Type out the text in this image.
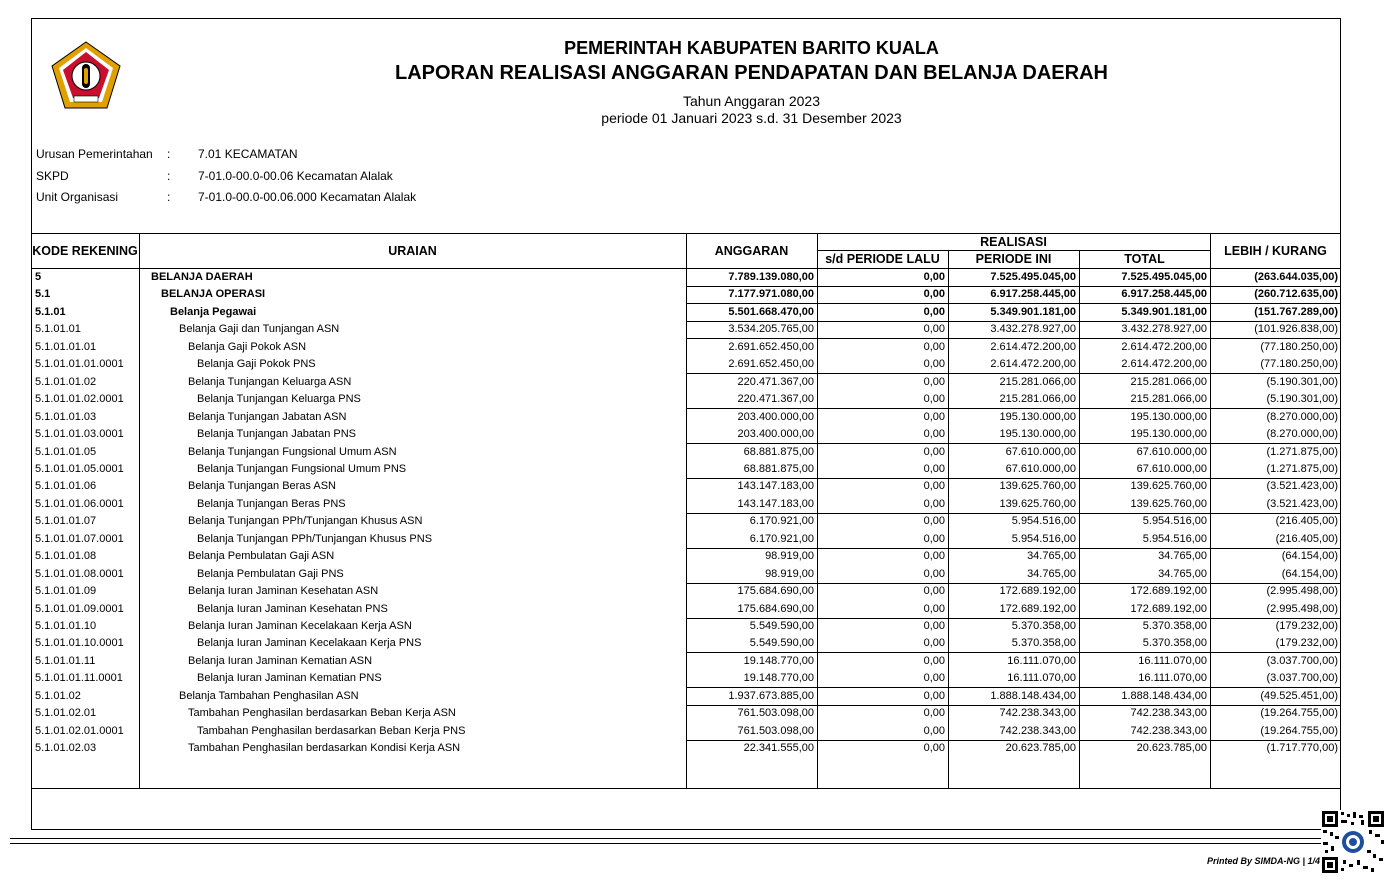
PEMERINTAH KABUPATEN BARITO KUALA
LAPORAN REALISASI ANGGARAN PENDAPATAN DAN BELANJA DAERAH
Tahun Anggaran 2023
periode 01 Januari 2023 s.d. 31 Desember 2023
Urusan Pemerintahan : 7.01 KECAMATAN
SKPD	: 7-01.0-00.0-00.06 Kecamatan Alalak
Unit Organisasi	: 7-01.0-00.0-00.06.000 Kecamatan Alalak
KODE REKENING	URAIAN	ANGGARAN
REALISASI
s/d PERIODE LALU	PERIODE INI	TOTAL
LEBIH / KURANG
5	BELANJA DAERAH	7.789.139.080,00	0,00	7.525.495.045,00	7.525.495.045,00	(263.644.035,00)
5.1	BELANJA OPERASI	7.177.971.080,00	0,00	6.917.258.445,00	6.917.258.445,00	(260.712.635,00)
5.1.01	Belanja Pegawai	5.501.668.470,00	0,00	5.349.901.181,00	5.349.901.181,00	(151.767.289,00)
5.1.01.01	Belanja Gaji dan Tunjangan ASN	3.534.205.765,00	0,00	3.432.278.927,00	3.432.278.927,00	(101.926.838,00)
5.1.01.01.01	Belanja Gaji Pokok ASN	2.691.652.450,00	0,00	2.614.472.200,00	2.614.472.200,00	(77.180.250,00)
5.1.01.01.01.0001	Belanja Gaji Pokok PNS	2.691.652.450,00	0,00	2.614.472.200,00	2.614.472.200,00	(77.180.250,00)
5.1.01.01.02	Belanja Tunjangan Keluarga ASN	220.471.367,00	0,00	215.281.066,00	215.281.066,00	(5.190.301,00)
5.1.01.01.02.0001	Belanja Tunjangan Keluarga PNS	220.471.367,00	0,00	215.281.066,00	215.281.066,00	(5.190.301,00)
5.1.01.01.03	Belanja Tunjangan Jabatan ASN	203.400.000,00	0,00	195.130.000,00	195.130.000,00	(8.270.000,00)
5.1.01.01.03.0001	Belanja Tunjangan Jabatan PNS	203.400.000,00	0,00	195.130.000,00	195.130.000,00	(8.270.000,00)
5.1.01.01.05	Belanja Tunjangan Fungsional Umum ASN	68.881.875,00	0,00	67.610.000,00	67.610.000,00	(1.271.875,00)
5.1.01.01.05.0001	Belanja Tunjangan Fungsional Umum PNS	68.881.875,00	0,00	67.610.000,00	67.610.000,00	(1.271.875,00)
5.1.01.01.06	Belanja Tunjangan Beras ASN	143.147.183,00	0,00	139.625.760,00	139.625.760,00	(3.521.423,00)
5.1.01.01.06.0001	Belanja Tunjangan Beras PNS	143.147.183,00	0,00	139.625.760,00	139.625.760,00	(3.521.423,00)
5.1.01.01.07	Belanja Tunjangan PPh/Tunjangan Khusus ASN	6.170.921,00	0,00	5.954.516,00	5.954.516,00	(216.405,00)
5.1.01.01.07.0001	Belanja Tunjangan PPh/Tunjangan Khusus PNS	6.170.921,00	0,00	5.954.516,00	5.954.516,00	(216.405,00)
5.1.01.01.08	Belanja Pembulatan Gaji ASN	98.919,00	0,00	34.765,00	34.765,00	(64.154,00)
5.1.01.01.08.0001	Belanja Pembulatan Gaji PNS	98.919,00	0,00	34.765,00	34.765,00	(64.154,00)
5.1.01.01.09	Belanja Iuran Jaminan Kesehatan ASN	175.684.690,00	0,00	172.689.192,00	172.689.192,00	(2.995.498,00)
5.1.01.01.09.0001	Belanja Iuran Jaminan Kesehatan PNS	175.684.690,00	0,00	172.689.192,00	172.689.192,00	(2.995.498,00)
5.1.01.01.10	Belanja Iuran Jaminan Kecelakaan Kerja ASN	5.549.590,00	0,00	5.370.358,00	5.370.358,00	(179.232,00)
5.1.01.01.10.0001	Belanja Iuran Jaminan Kecelakaan Kerja PNS	5.549.590,00	0,00	5.370.358,00	5.370.358,00	(179.232,00)
5.1.01.01.11	Belanja Iuran Jaminan Kematian ASN	19.148.770,00	0,00	16.111.070,00	16.111.070,00	(3.037.700,00)
5.1.01.01.11.0001	Belanja Iuran Jaminan Kematian PNS	19.148.770,00	0,00	16.111.070,00	16.111.070,00	(3.037.700,00)
5.1.01.02	Belanja Tambahan Penghasilan ASN	1.937.673.885,00	0,00	1.888.148.434,00	1.888.148.434,00	(49.525.451,00)
5.1.01.02.01	Tambahan Penghasilan berdasarkan Beban Kerja ASN	761.503.098,00	0,00	742.238.343,00	742.238.343,00	(19.264.755,00)
5.1.01.02.01.0001	Tambahan Penghasilan berdasarkan Beban Kerja PNS	761.503.098,00	0,00	742.238.343,00	742.238.343,00	(19.264.755,00)
5.1.01.02.03	Tambahan Penghasilan berdasarkan Kondisi Kerja ASN	22.341.555,00	0,00	20.623.785,00	20.623.785,00	(1.717.770,00)
Printed By SIMDA-NG | 1/4
